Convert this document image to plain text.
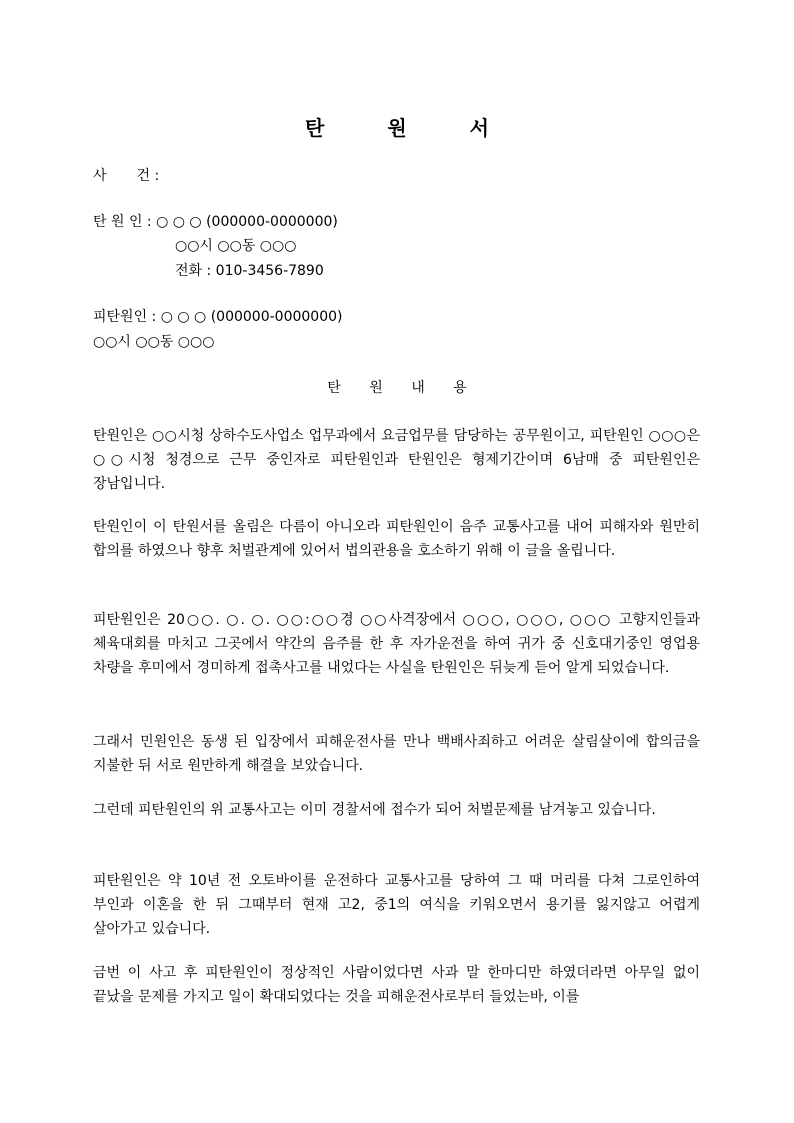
탄 원 서
사 건 :
탄 원 인 : ○ ○ ○ (000000-0000000)
○○시 ○○동 ○○○
전화 : 010-3456-7890
피탄원인 : ○ ○ ○ (000000-0000000)
○○시 ○○동 ○○○
탄 원 내 용
탄원인은 ○○시청 상하수도사업소 업무과에서 요금업무를 담당하는 공무원이고, 피탄원인 ○○○은 ○○시청 청경으로 근무 중인자로 피탄원인과 탄원인은 형제기간이며 6남매 중 피탄원인은 장남입니다.
탄원인이 이 탄원서를 올림은 다름이 아니오라 피탄원인이 음주 교통사고를 내어 피해자와 원만히 합의를 하였으나 향후 처벌관계에 있어서 법의관용을 호소하기 위해 이 글을 올립니다.
피탄원인은 20○○. ○. ○. ○○:○○경 ○○사격장에서 ○○○, ○○○, ○○○ 고향지인들과 체육대회를 마치고 그곳에서 약간의 음주를 한 후 자가운전을 하여 귀가 중 신호대기중인 영업용 차량을 후미에서 경미하게 접촉사고를 내었다는 사실을 탄원인은 뒤늦게 듣어 알게 되었습니다.
그래서 민원인은 동생 된 입장에서 피해운전사를 만나 백배사죄하고 어려운 살림살이에 합의금을 지불한 뒤 서로 원만하게 해결을 보았습니다.
그런데 피탄원인의 위 교통사고는 이미 경찰서에 접수가 되어 처벌문제를 남겨놓고 있습니다.
피탄원인은 약 10년 전 오토바이를 운전하다 교통사고를 당하여 그 때 머리를 다쳐 그로인하여 부인과 이혼을 한 뒤 그때부터 현재 고2, 중1의 여식을 키워오면서 용기를 잃지않고 어렵게 살아가고 있습니다.
금번 이 사고 후 피탄원인이 정상적인 사람이었다면 사과 말 한마디만 하였더라면 아무일 없이 끝났을 문제를 가지고 일이 확대되었다는 것을 피해운전사로부터 들었는바, 이를
